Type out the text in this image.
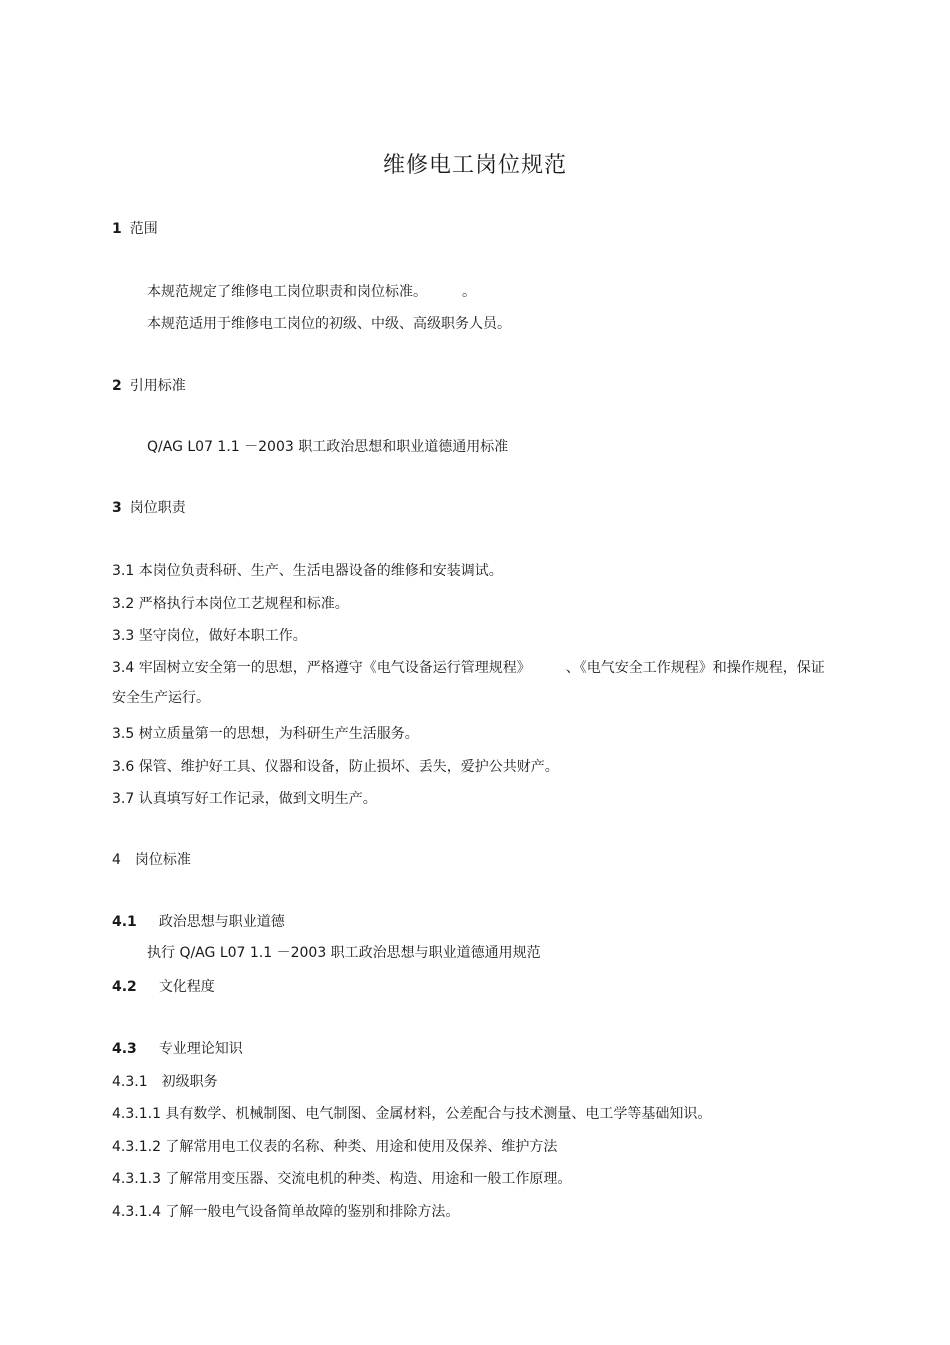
维修电工岗位规范
1 范围
本规范规定了维修电工岗位职责和岗位标准。　　　。
本规范适用于维修电工岗位的初级、中级、高级职务人员。
2 引用标准
Q/AG L07 1.1 －2003 职工政治思想和职业道德通用标准
3 岗位职责
3.1 本岗位负责科研、生产、生活电器设备的维修和安装调试。
3.2 严格执行本岗位工艺规程和标准。
3.3 坚守岗位，做好本职工作。
3.4 牢固树立安全第一的思想，严格遵守《电气设备运行管理规程》　　　、《电气安全工作规程》和操作规程，保证安全生产运行。
3.5 树立质量第一的思想，为科研生产生活服务。
3.6 保管、维护好工具、仪器和设备，防止损坏、丢失，爱护公共财产。
3.7 认真填写好工作记录，做到文明生产。
4 岗位标准
4.1 政治思想与职业道德
执行 Q/AG L07 1.1 －2003 职工政治思想与职业道德通用规范
4.2 文化程度
4.3 专业理论知识
4.3.1 初级职务
4.3.1.1 具有数学、机械制图、电气制图、金属材料，公差配合与技术测量、电工学等基础知识。
4.3.1.2 了解常用电工仪表的名称、种类、用途和使用及保养、维护方法
4.3.1.3 了解常用变压器、交流电机的种类、构造、用途和一般工作原理。
4.3.1.4 了解一般电气设备简单故障的鉴别和排除方法。
